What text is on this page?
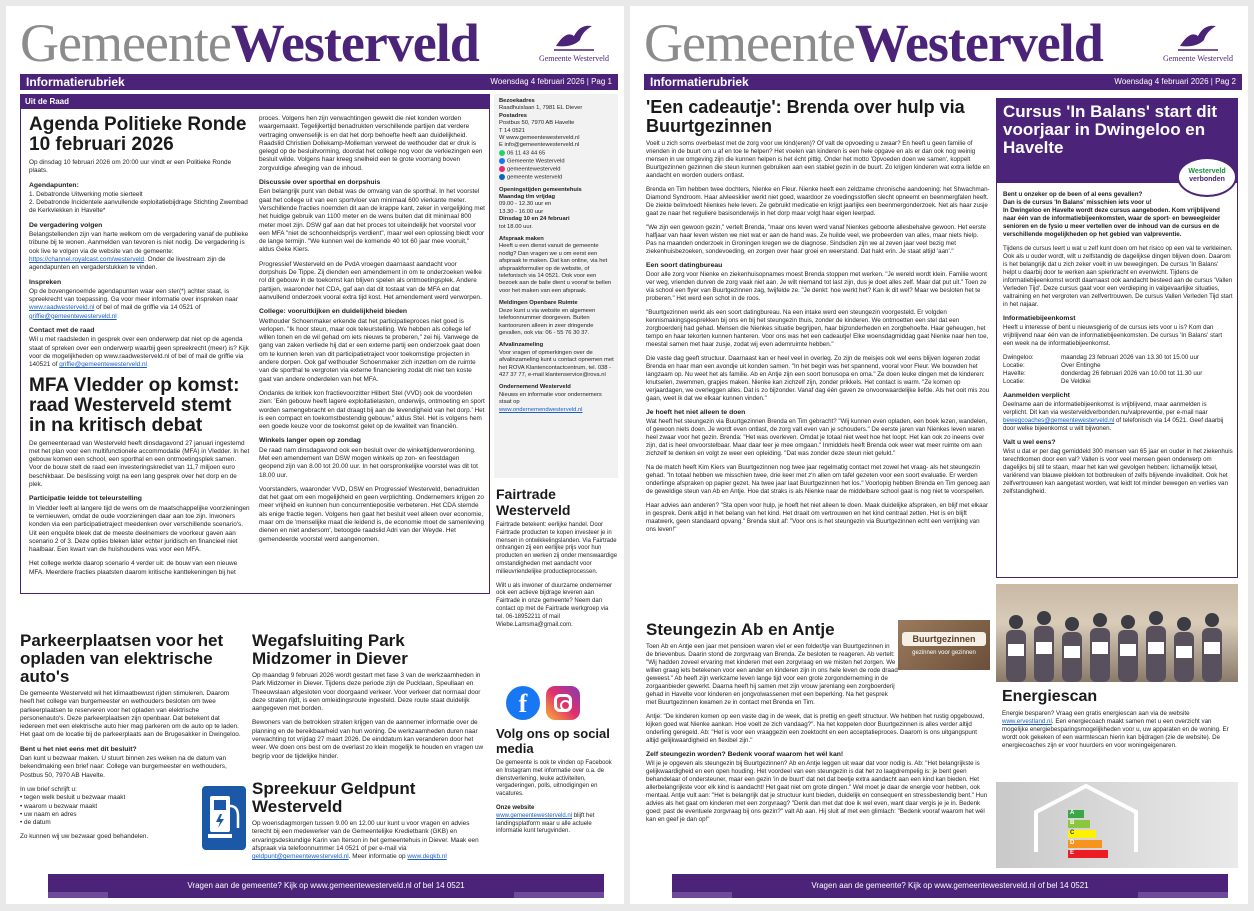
GemeenteWesterveld	Gemeente Westerveld
Informatierubriek	Woensdag 4 februari 2026 | Pag 1
Uit de Raad
Agenda Politieke Ronde 10 februari 2026

Op dinsdag 10 februari 2026 om 20:00 uur vindt er een Politieke Ronde plaats.

Agendapunten:
1. Debatronde Uitwerking motie sierteelt

2. Debatronde Incidentele aanvullende exploitatiebijdrage Stichting Zwembad de Kerkvlekken in Havelte*

De vergadering volgen

Belangstellenden zijn van harte welkom om de vergadering vanaf de publieke tribune bij te wonen. Aanmelden van tevoren is niet nodig. De vergadering is ook live te volgen via de website van de gemeente: https://channel.royalcast.com/westerveld. Onder de livestream zijn de agendapunten en vergaderstukken te vinden.

Inspreken

Op de bovengenoemde agendapunten waar een ster(*) achter staat, is spreekrecht van toepassing. Ga voor meer informatie over inspreken naar www.raadwesterveld.nl of bel of mail de griffie via 14 0521 of griffie@gemeentewesterveld.nl

Contact met de raad

Wil u met raadsleden in gesprek over een onderwerp dat niet op de agenda staat of spreken over een onderwerp waarbij geen spreekrecht (meer) is? Kijk voor de mogelijkheden op www.raadwesterveld.nl of bel of mail de griffie via 140521 of griffie@gemeentewesterveld.nl

MFA Vledder op komst: raad Westerveld stemt in na kritisch debat

De gemeenteraad van Westerveld heeft dinsdagavond 27 januari ingestemd met het plan voor een multifunctionele accommodatie (MFA) in Vledder. In het gebouw komen een school, een sporthal en een ontmoetingsplek samen. Voor de bouw stelt de raad een investeringskrediet van 11,7 miljoen euro beschikbaar. De beslissing volgt na een lang gesprek over het dorp en de plek.

Participatie leidde tot teleurstelling

In Vledder leeft al langere tijd de wens om de maatschappelijke voorzieningen te vernieuwen, omdat de oude voorzieningen daar aan toe zijn. Inwoners konden via een participatietraject meedenken over verschillende scenario's. Uit een enquête bleek dat de meeste deelnemers de voorkeur gaven aan scenario 2 of 3. Deze opties bleken later echter juridisch en financieel niet haalbaar. Een kwart van de huishoudens was voor een MFA.

Het college werkte daarop scenario 4 verder uit: de bouw van een nieuwe MFA. Meerdere fracties plaatsten daarom kritische kanttekeningen bij het

proces. Volgens hen zijn verwachtingen gewekt die niet konden worden waargemaakt. Tegelijkertijd benadrukten verschillende partijen dat verdere vertraging onwenselijk is en dat het dorp behoefte heeft aan duidelijkheid. Raadslid Christien Dollekamp-Molleman verweet de wethouder dat er druk is gelegd op de besluitvorming, doordat het college nog voor de verkiezingen een besluit wilde. Volgens haar kreeg snelheid een te grote voorrang boven zorgvuldige afweging van de inhoud.

Discussie over sporthal en dorpshuis

Een belangrijk punt van debat was de omvang van de sporthal. In het voorstel gaat het college uit van een sportvloer van minimaal 600 vierkante meter. Verschillende fracties noemden dit aan de krappe kant, zeker in vergelijking met het huidige gebruik van 1100 meter en de wens buiten dat dit minimaal 800 meter moet zijn. DSW gaf aan dat het proces tot uiteindelijk het voorstel voor een MFA "niet de schoonheidsprijs verdient", maar wel een oplossing biedt voor de lange termijn. "We kunnen wel de komende 40 tot 60 jaar mee vooruit," aldus Geke Kiers.

Progressief Westerveld en de PvdA vroegen daarnaast aandacht voor dorpshuis De Tippe. Zij dienden een amendement in om te onderzoeken welke rol dit gebouw in de toekomst kan blijven spelen als ontmoetingsplek. Andere partijen, waaronder het CDA, gaf aan dat dit tostaat van de MFA en dat aanvullend onderzoek vooral extra tijd kost. Het amendement werd verworpen.

College: vooruitkijken en duidelijkheid bieden

Wethouder Schoenmaker erkende dat het participatieproces niet goed is verlopen. "Ik hoor steun, maar ook teleurstelling. We hebben als college lef willen tonen en de wil gehad om iets nieuws te proberen," zei hij. Vanwege de gang van zaken verliede hij dat er een externe partij een onderzoek gaat doen om te kunnen leren van dit participatietraject voor toekomstige projecten in andere dorpen. Ook gaf wethouder Schoenmaker zich inzetten om de ruimte van de sporthal te vergroten via externe financiering zodat dit niet ten koste gaat van andere onderdelen van het MFA.

Ondanks de kritiek kon fractievoorzitter Hilbert Stel (VVD) ook de voordelen zien: 'Eén gebouw heeft lagere exploitatielasten, onderwijs, ontmoeting en sport worden samengebracht en dat draagt bij aan de levendigheid van het dorp.' Het is een compact en toekomstbestendig gebouw," aldus Stel. Het is volgens hem een goede keuze voor de toekomst gelet op de kwaliteit van financiën.

Winkels langer open op zondag

De raad nam dinsdagavond ook een besluit over de winkeltijdenverordening. Met een amendement van DSW mogen winkels op zon- en feestdagen geopend zijn van 8.00 tot 20.00 uur. In het oorspronkelijke voorstel was dit tot 18.00 uur.

Voorstanders, waaronder VVD, DSW en Progressief Westerveld, benadrukten dat het gaat om een mogelijkheid en geen verplichting. Ondernemers krijgen zo meer vrijheid en kunnen hun concurrentiepositie verbeteren. Het CDA stemde als enige fractie tegen. Volgens hen gaat het besluit veel alleen over economie, maar om de 'menselijke maat die leidend is, de economie moet de samenleving dienen en niet andersom', betoogde raadslid Adri van der Weyde. Het gemendeerde voorstel werd aangenomen.

Bezoekadres
Raadhuislaan 1, 7981 EL Diever
Postadres
Postbus 50, 7970 AB Havelte
T 14 0521
W www.gemeentewesterveld.nl
E info@gemeentewesterveld.nl
06 11 43 44 65
Gemeente Westerveld
gemeentewesterveld
gemeente westerveld
Openingstijden gemeentehuis
Maandag t/m vrijdag
09.00 - 12.30 uur en
13.30 - 16.00 uur
Dinsdag 10 en 24 februari
tot 18.00 uur.
Afspraak maken
Heeft u een dienst vanuit de gemeente nodig? Dan vragen we u om eerst een afspraak te maken. Dat kan online, via het afspraakformulier op de website, of telefonisch via 14 0521. Ook voor een bezoek aan de balie dient u vooraf te bellen voor het maken van een afspraak.
Meldingen Openbare Ruimte
Deze kunt u via website en algemeen telefoonnummer doorgeven. Buiten kantooruren alleen in zeer dringende gevallen, ook via: 06 - 55 76 30 37.
Afvalinzameling
Voor vragen of opmerkingen over de afvalinzameling kunt u contact opnemen met het ROVA Klantencontactcentrum, tel. 038 - 427 37 77, e-mail klantenservice@rova.nl
Ondernemend Westerveld
Nieuws en informatie voor ondernemers staat op
www.ondernemendwesterveld.nl
Fairtrade Westerveld

Fairtrade betekent: eerlijke handel. Door Fairtrade producten te kopen investeer je in mensen in ontwikkelingslanden. Via Fairtrade ontvangen zij een eerlijke prijs voor hun producten en werken zij onder menswaardige omstandigheden met aandacht voor milieuvriendelijke productieprocessen.

Wilt u als inwoner of duurzame ondernemer ook een actieve bijdrage leveren aan Fairtrade in onze gemeente? Neem dan contact op met de Fairtrade werkgroep via tel. 06-18952211 of mail Wiebe.Lamsma@gmail.com.

f
Volg ons op social media

De gemeente is ook te vinden op Facebook en Instagram met informatie over o.a. de dienstverlening, leuke activiteiten, vergaderingen, polls, uitnodigingen en vacatures.

Onze website

www.gemeentewesterveld.nl blijft het landingsplatform waar u alle actuele informatie kunt terugvinden.

Parkeerplaatsen voor het opladen van elektrische auto's

De gemeente Westerveld wil het klimaatbewust rijden stimuleren. Daarom heeft het college van burgemeester en wethouders besloten om twee parkeerplaatsen te reserveren voor het opladen van elektrische personenauto's. Deze parkeerplaatsen zijn openbaar. Dat betekent dat iedereen met een elektrische auto hier mag parkeren om de auto op te laden. Het gaat om de locatie bij de parkeerplaats aan de Brugesakker in Dwingeloo.

Bent u het niet eens met dit besluit?

Dan kunt u bezwaar maken. U stuurt binnen zes weken na de datum van bekendmaking een brief naar: College van burgemeester en wethouders, Postbus 50, 7970 AB Havelte.

In uw brief schrijft u:
• tegen welk besluit u bezwaar maakt
• waarom u bezwaar maakt
• uw naam en adres

• de datum

Zo kunnen wij uw bezwaar goed behandelen.

Wegafsluiting Park Midzomer in Diever

Op maandag 9 februari 2026 wordt gestart met fase 3 van de werkzaamheden in Park Midzomer in Diever. Tijdens deze periode zijn de Pucklaan, Speullaan en Theeuwslaan afgesloten voor doorgaand verkeer. Voor verkeer dat normaal door deze straten rijdt, is een omleidingsroute ingesteld. Deze route staat duidelijk aangegeven met borden.

Bewoners van de betrokken straten krijgen van de aannemer informatie over de planning en de bereikbaarheid van hun woning. De werkzaamheden duren naar verwachting tot vrijdag 27 maart 2026. De einddatum kan veranderen door het weer. We doen ons best om de overlast zo klein mogelijk te houden en vragen uw begrip voor de tijdelijke hinder.

Spreekuur Geldpunt Westerveld

Op woensdagmorgen tussen 9.00 en 12.00 uur kunt u voor vragen en advies terecht bij een medewerker van de Gemeentelijke Kredietbank (GKB) en ervaringsdeskundige Karin van Iterson in het gemeentehuis in Diever. Maak een afspraak via telefoonnummer 14 0521 of per e-mail via geldpunt@gemeentewesterveld.nl. Meer informatie op www.degkb.nl

Vragen aan de gemeente? Kijk op www.gemeentewesterveld.nl of bel 14 0521
GemeenteWesterveld	Gemeente Westerveld
Informatierubriek	Woensdag 4 februari 2026 | Pag 2
'Een cadeautje': Brenda over hulp via Buurtgezinnen

Voelt u zich soms overbelast met de zorg voor uw kind(eren)? Of valt de opvoeding u zwaar? En heeft u geen familie of vrienden in de buurt om u af en toe te helpen? Het voelen van kinderen is een hele opgave en als er dan ook nog weinig mensen in uw omgeving zijn die kunnen helpen is het écht pittig. Onder het motto 'Opvoeden doen we samen', koppelt Buurtgezinnen gezinnen die steun kunnen gebruiken aan een stabiel gezin in de buurt. Zo krijgen kinderen wat extra liefde en aandacht en worden ouders ontlast.

Brenda en Tim hebben twee dochters, Nienke en Fleur. Nienke heeft een zeldzame chronische aandoening: het Shwachman-Diamond Syndroom. Haar alvleesklier werkt niet goed, waardoor ze voedingsstoffen slecht opneemt en beenmergfalen heeft. De ziekte beïnvloedt Nienkes hele leven. Ze gebruikt medicatie en krijgt jaarlijks een beenmergonderzoek. Net als haar zusje gaat ze naar het reguliere basisonderwijs in het dorp maar volgt haar eigen leerpad.

"We zijn een gewoon gezin," vertelt Brenda, "maar ons leven werd vanaf Nienkes geboorte allesbehalve gewoon. Het eerste halfjaar van haar leven wisten we niet wat er aan de hand was. Ze huilde veel, we probeerden van alles, maar niets hielp. Pas na maanden onderzoek in Groningen kregen we de diagnose. Sindsdien zijn we al zeven jaar veel bezig met ziekenhuisbezoeken, sondevoeding, en zorgen over haar groei en weerstand. Dat hakt erin. Je staat altijd 'aan'."

Een soort datingbureau

Door alle zorg voor Nienke en ziekenhuisopnames moest Brenda stoppen met werken. "Je wereld wordt klein. Familie woont ver weg, vrienden durven de zorg vaak niet aan. Je wilt niemand tot last zijn, dus je doet alles zelf. Maar dat put uit." Toen ze via school een flyer van Buurtgezinnen zag, twijfelde ze. "Je denkt: hoe werkt het? Kan ik dit wel? Maar we besloten het te proberen." Het werd een schot in de roos.

"Buurtgezinnen werkt als een soort datingbureau. Na een intake werd een steungezin voorgesteld. Er volgden kennismakingsgesprekken bij ons en bij het steungezin thuis, zonder de kinderen. We ontmoetten een stel dat een zorgboerderij had gehad. Mensen die Nienkes situatie begrijpen, haar bijzonderheden en zorgbehoefte. Haar geheugen, het tempo en haar tekorten kunnen hanteren. Voor ons was het een cadeautje! Elke woensdagmiddag gaat Nienke naar hen toe, meestal samen met haar zusje, zodat wij even ademruimte hebben."

Die vaste dag geeft structuur. Daarnaast kan er heel veel in overleg. Zo zijn de meisjes ook wel eens blijven logeren zodat Brenda en haar man een avondje uit konden samen. "In het begin was het spannend, vooral voor Fleur. We bouwden het langzaam op. Nu weet het als familie. Ab en Antje zijn een soort bonusopa en oma." Ze doen leuke dingen met de kinderen: knutselen, zwemmen, grapjes maken. Nienke kan zichzelf zijn, zonder prikkels. Het contact is warm. "Ze komen op verjaardagen, we overleggen alles. Dat is zo bijzonder. Vanaf dag één gaven ze onvoorwaardelijke liefde. Als het ooit mis zou gaan, weet ik dat we elkaar kunnen vinden."

Je hoeft het niet alleen te doen

Wat heeft het steungezin via Buurtgezinnen Brenda en Tim gebracht? "Wij kunnen even opladen, een boek lezen, wandelen, of gewoon niets doen. Je wordt even ontlast, de zorg valt even van je schouders." De eerste jaren van Nienkes leven waren heel zwaar voor het gezin. Brenda: "Het was overleven. Omdat je totaal niet weet hoe het loopt. Het kan ook zo ineens over zijn, dat is heel onvoorstelbaar. Maar daar leer je mee omgaan." Inmiddels heeft Brenda ook weer wat meer ruimte om aan zichzelf te denken en volgt ze weer een opleiding. "Dat was zonder deze steun niet gelukt."

Na de match heeft Kim Kiers van Buurtgezinnen nog twee jaar regelmatig contact met zowel het vraag- als het steungezin gehad. "In totaal hebben we misschien twee, drie keer met z'n allen om tafel gezeten voor een soort evaluatie. Er werden onderlinge afspraken op papier gezet. Na twee jaar laat Buurtgezinnen het los." Voorlopig hebben Brenda en Tim genoeg aan de geweldige steun van Ab en Antje. Hoe dat straks is als Nienke naar de middelbare school gaat is nog niet te voorspellen.

Haar advies aan anderen? "Sta open voor hulp, je hoeft het niet alleen te doen. Maak duidelijke afspraken, en blijf met elkaar in gesprek. Denk altijd in het belang van het kind. Het draait om vertrouwen en het kind centraal zetten. Het is en blijft maatwerk, geen standaard opvang." Brenda sluit af: "Voor ons is het steungezin via Buurtgezinnen echt een verrijking van ons leven!"

Steungezin Ab en Antje

Toen Ab en Antje een jaar met pensioen waren viel er een folder/tje van Buurtgezinnen in de brievenbus. Daarin stond de zorgvraag van Brenda. Ze besloten te reageren. Ab vertelt: "Wij hadden zoveel ervaring met kinderen met een zorgvraag en we misten het zorgen. We willen graag iets betekenen voor een ander en kinderen zijn in ons hele leven de rode draad geweest." Ab heeft zijn werkzame leven lange tijd voor een grote zorgonderneming in de zorgaanbieder gewerkt. Daarna heeft hij samen met zijn vrouw jarenlang een zorgboerderij gehad in Havelte voor kinderen en jongvolwassenen met een beperking. Na het gesprek met Buurtgezinnen kwamen ze in contact met Brenda en Tim.

Antje: "De kinderen komen op een vaste dag in de week, dat is prettig en geeft structuur. We hebben het rustig opgebouwd, kijken goed wat Nienke aankan. Hoe voelt ze zich vandaag?". Na het koppelen door Buurtgezinnen is alles verder altijd onderling geregeld. Ab: "Het is voor een vraaggezin een zoektocht en een acceptatieproces. Daarom is ons uitgangspunt altijd gelijkwaardigheid en flexibel zijn."

Zelf steungezin worden? Bedenk vooraf waarom het wél kan!

Wil je je opgeven als steungezin bij Buurtgezinnen? Ab en Antje leggen uit waar dat voor nodig is. Ab: "Het belangrijkste is gelijkwaardigheid en een open houding. Het voordeel van een steungezin is dat het zo laagdrempelig is: je bent geen behandelaar of ondersteuner, maar een gezin 'in de buurt' dat net dat beetje extra aandacht aan een kind kan bieden. Het allerbelangrijkste voor elk kind is aandacht! Het gaat niet om grote dingen." Wel moet je daar de energie voor hebben, ook mentaal. Antje vult aan: "Het is belangrijk dat je structuur kunt bieden, duidelijk en consequent en stressbestendig bent." Hun advies als het gaat om kinderen met een zorgvraag? "Denk dan met dat doe ik wel even, want daar vergis je je in. Bedenk goed: past de eventuele zorgvraag bij ons gezin?" valt Ab aan. Hij sluit af met een glimlach: "Bedenk vooraf waarom het wél kan en geef je dan op!"

Buurtgezinnen
gezinnen voor gezinnen
Cursus 'In Balans' start dit voorjaar in Dwingeloo en Havelte
Westerveld
verbonden
Bent u onzeker op de been of al eens gevallen?
Dan is de cursus 'In Balans' misschien iets voor u!

In Dwingeloo en Havelte wordt deze cursus aangeboden. Kom vrijblijvend naar één van de informatiebijeenkomsten, waar de sport- en beweegleider senioren en de fysio u meer vertellen over de inhoud van de cursus en de verschillende mogelijkheden op het gebied van valpreventie.

Tijdens de cursus leert u wat u zelf kunt doen om het risico op een val te verkleinen. Ook als u ouder wordt, wilt u zelfstandig de dagelijkse dingen blijven doen. Daarom is het belangrijk dat u zich zeker voelt in uw bewegingen. De cursus 'In Balans' helpt u daarbij door te werken aan spierkracht en evenwicht. Tijdens de informatiebijeenkomst wordt daarnaast ook aandacht besteed aan de cursus 'Vallen Verleden Tijd'. Deze cursus gaat voor een verdieping in valgevaarlijke situaties, valtraining en het vergroten van zelfvertrouwen. De cursus Vallen Verleden Tijd start in het najaar.

Informatiebijeenkomst

Heeft u interesse of bent u nieuwsgierig of de cursus iets voor u is? Kom dan vrijblijvend naar één van de informatiebijeenkomsten. De cursus 'In Balans' start een week na de informatiebijeenkomst.

Dwingeloo:	maandag 23 februari 2026 van 13.30 tot 15.00 uur
Locatie:	Over Entinghe
Havelte:	donderdag 26 februari 2026 van 10.00 tot 11.30 uur
Locatie:	De Veldkei
Aanmelden verplicht

Deelname aan de informatiebijeenkomst is vrijblijvend, maar aanmelden is verplicht. Dit kan via westerveldverbonden.nu/valpreventie, per e-mail naar bewegcoaches@gemeentewesterveld.nl of telefonisch via 14 0521. Geef daarbij door welke bijeenkomst u wilt bijwonen.

Valt u wel eens?

Wist u dat er per dag gemiddeld 300 mensen van 65 jaar en ouder in het ziekenhuis terechtkomen door een val? Vallen is voor veel mensen geen onderwerp om dagelijks bij stil te staan, maar het kan wel gevolgen hebben: lichamelijk letsel, variërend van blauwe plekken tot botbreuken of zelfs blijvende invaliditeit. Ook het zelfvertrouwen kan aangetast worden, wat leidt tot minder bewegen en verlies van zelfstandigheid.

Energiescan

Energie besparen? Vraag een gratis energiescan aan via de website www.ervestland.nl. Een energiecoach maakt samen met u een overzicht van mogelijke energiebesparingsmogelijkheden voor u, uw apparaten en de woning. Er wordt ook gekeken of een warmtescan hierin kan bijdragen (zie de website). De energiecoaches zijn er voor huurders en voor woningeigenaren.

A
B
C
D
E
Vragen aan de gemeente? Kijk op www.gemeentewesterveld.nl of bel 14 0521
